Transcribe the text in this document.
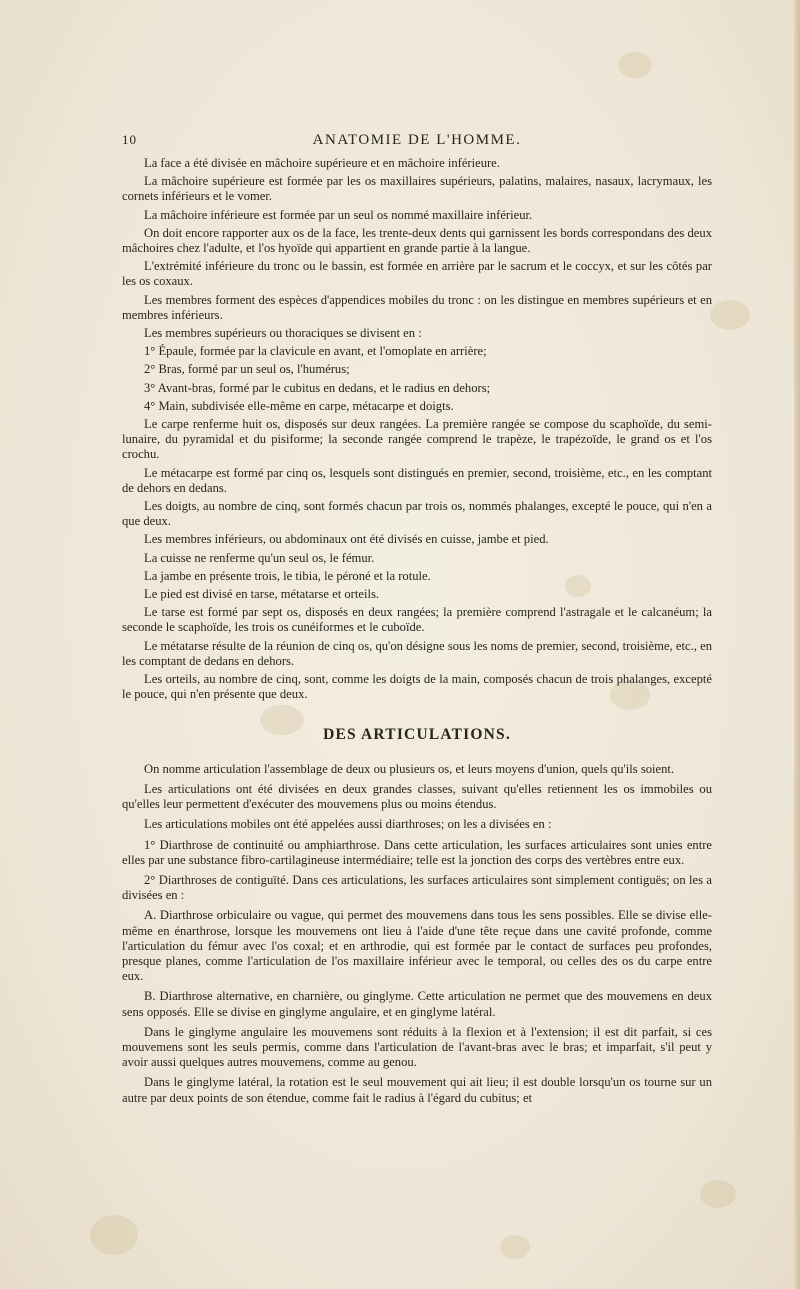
10	ANATOMIE DE L'HOMME.

La face a été divisée en mâchoire supérieure et en mâchoire inférieure.

La mâchoire supérieure est formée par les os maxillaires supérieurs, palatins, malaires, nasaux, lacrymaux, les cornets inférieurs et le vomer.

La mâchoire inférieure est formée par un seul os nommé maxillaire inférieur.

On doit encore rapporter aux os de la face, les trente-deux dents qui garnissent les bords correspondans des deux mâchoires chez l'adulte, et l'os hyoïde qui appartient en grande partie à la langue.

L'extrémité inférieure du tronc ou le bassin, est formée en arrière par le sacrum et le coccyx, et sur les côtés par les os coxaux.

Les membres forment des espèces d'appendices mobiles du tronc : on les distingue en membres supérieurs et en membres inférieurs.

Les membres supérieurs ou thoraciques se divisent en :

1° Épaule, formée par la clavicule en avant, et l'omoplate en arrière;

2° Bras, formé par un seul os, l'humérus;

3° Avant-bras, formé par le cubitus en dedans, et le radius en dehors;

4° Main, subdivisée elle-même en carpe, métacarpe et doigts.

Le carpe renferme huit os, disposés sur deux rangées. La première rangée se compose du scaphoïde, du semi-lunaire, du pyramidal et du pisiforme; la seconde rangée comprend le trapèze, le trapézoïde, le grand os et l'os crochu.

Le métacarpe est formé par cinq os, lesquels sont distingués en premier, second, troisième, etc., en les comptant de dehors en dedans.

Les doigts, au nombre de cinq, sont formés chacun par trois os, nommés phalanges, excepté le pouce, qui n'en a que deux.

Les membres inférieurs, ou abdominaux ont été divisés en cuisse, jambe et pied.

La cuisse ne renferme qu'un seul os, le fémur.

La jambe en présente trois, le tibia, le péroné et la rotule.

Le pied est divisé en tarse, métatarse et orteils.

Le tarse est formé par sept os, disposés en deux rangées; la première comprend l'astragale et le calcanéum; la seconde le scaphoïde, les trois os cunéiformes et le cuboïde.

Le métatarse résulte de la réunion de cinq os, qu'on désigne sous les noms de premier, second, troisième, etc., en les comptant de dedans en dehors.

Les orteils, au nombre de cinq, sont, comme les doigts de la main, composés chacun de trois phalanges, excepté le pouce, qui n'en présente que deux.

DES ARTICULATIONS.

On nomme articulation l'assemblage de deux ou plusieurs os, et leurs moyens d'union, quels qu'ils soient.

Les articulations ont été divisées en deux grandes classes, suivant qu'elles retiennent les os immobiles ou qu'elles leur permettent d'exécuter des mouvemens plus ou moins étendus.

Les articulations mobiles ont été appelées aussi diarthroses; on les a divisées en :

1° Diarthrose de continuité ou amphiarthrose. Dans cette articulation, les surfaces articulaires sont unies entre elles par une substance fibro-cartilagineuse intermédiaire; telle est la jonction des corps des vertèbres entre eux.

2° Diarthroses de contiguïté. Dans ces articulations, les surfaces articulaires sont simplement contiguës; on les a divisées en :

A. Diarthrose orbiculaire ou vague, qui permet des mouvemens dans tous les sens possibles. Elle se divise elle-même en énarthrose, lorsque les mouvemens ont lieu à l'aide d'une tête reçue dans une cavité profonde, comme l'articulation du fémur avec l'os coxal; et en arthrodie, qui est formée par le contact de surfaces peu profondes, presque planes, comme l'articulation de l'os maxillaire inférieur avec le temporal, ou celles des os du carpe entre eux.

B. Diarthrose alternative, en charnière, ou ginglyme. Cette articulation ne permet que des mouvemens en deux sens opposés. Elle se divise en ginglyme angulaire, et en ginglyme latéral.

Dans le ginglyme angulaire les mouvemens sont réduits à la flexion et à l'extension; il est dit parfait, si ces mouvemens sont les seuls permis, comme dans l'articulation de l'avant-bras avec le bras; et imparfait, s'il peut y avoir aussi quelques autres mouvemens, comme au genou.

Dans le ginglyme latéral, la rotation est le seul mouvement qui ait lieu; il est double lorsqu'un os tourne sur un autre par deux points de son étendue, comme fait le radius à l'égard du cubitus; et
